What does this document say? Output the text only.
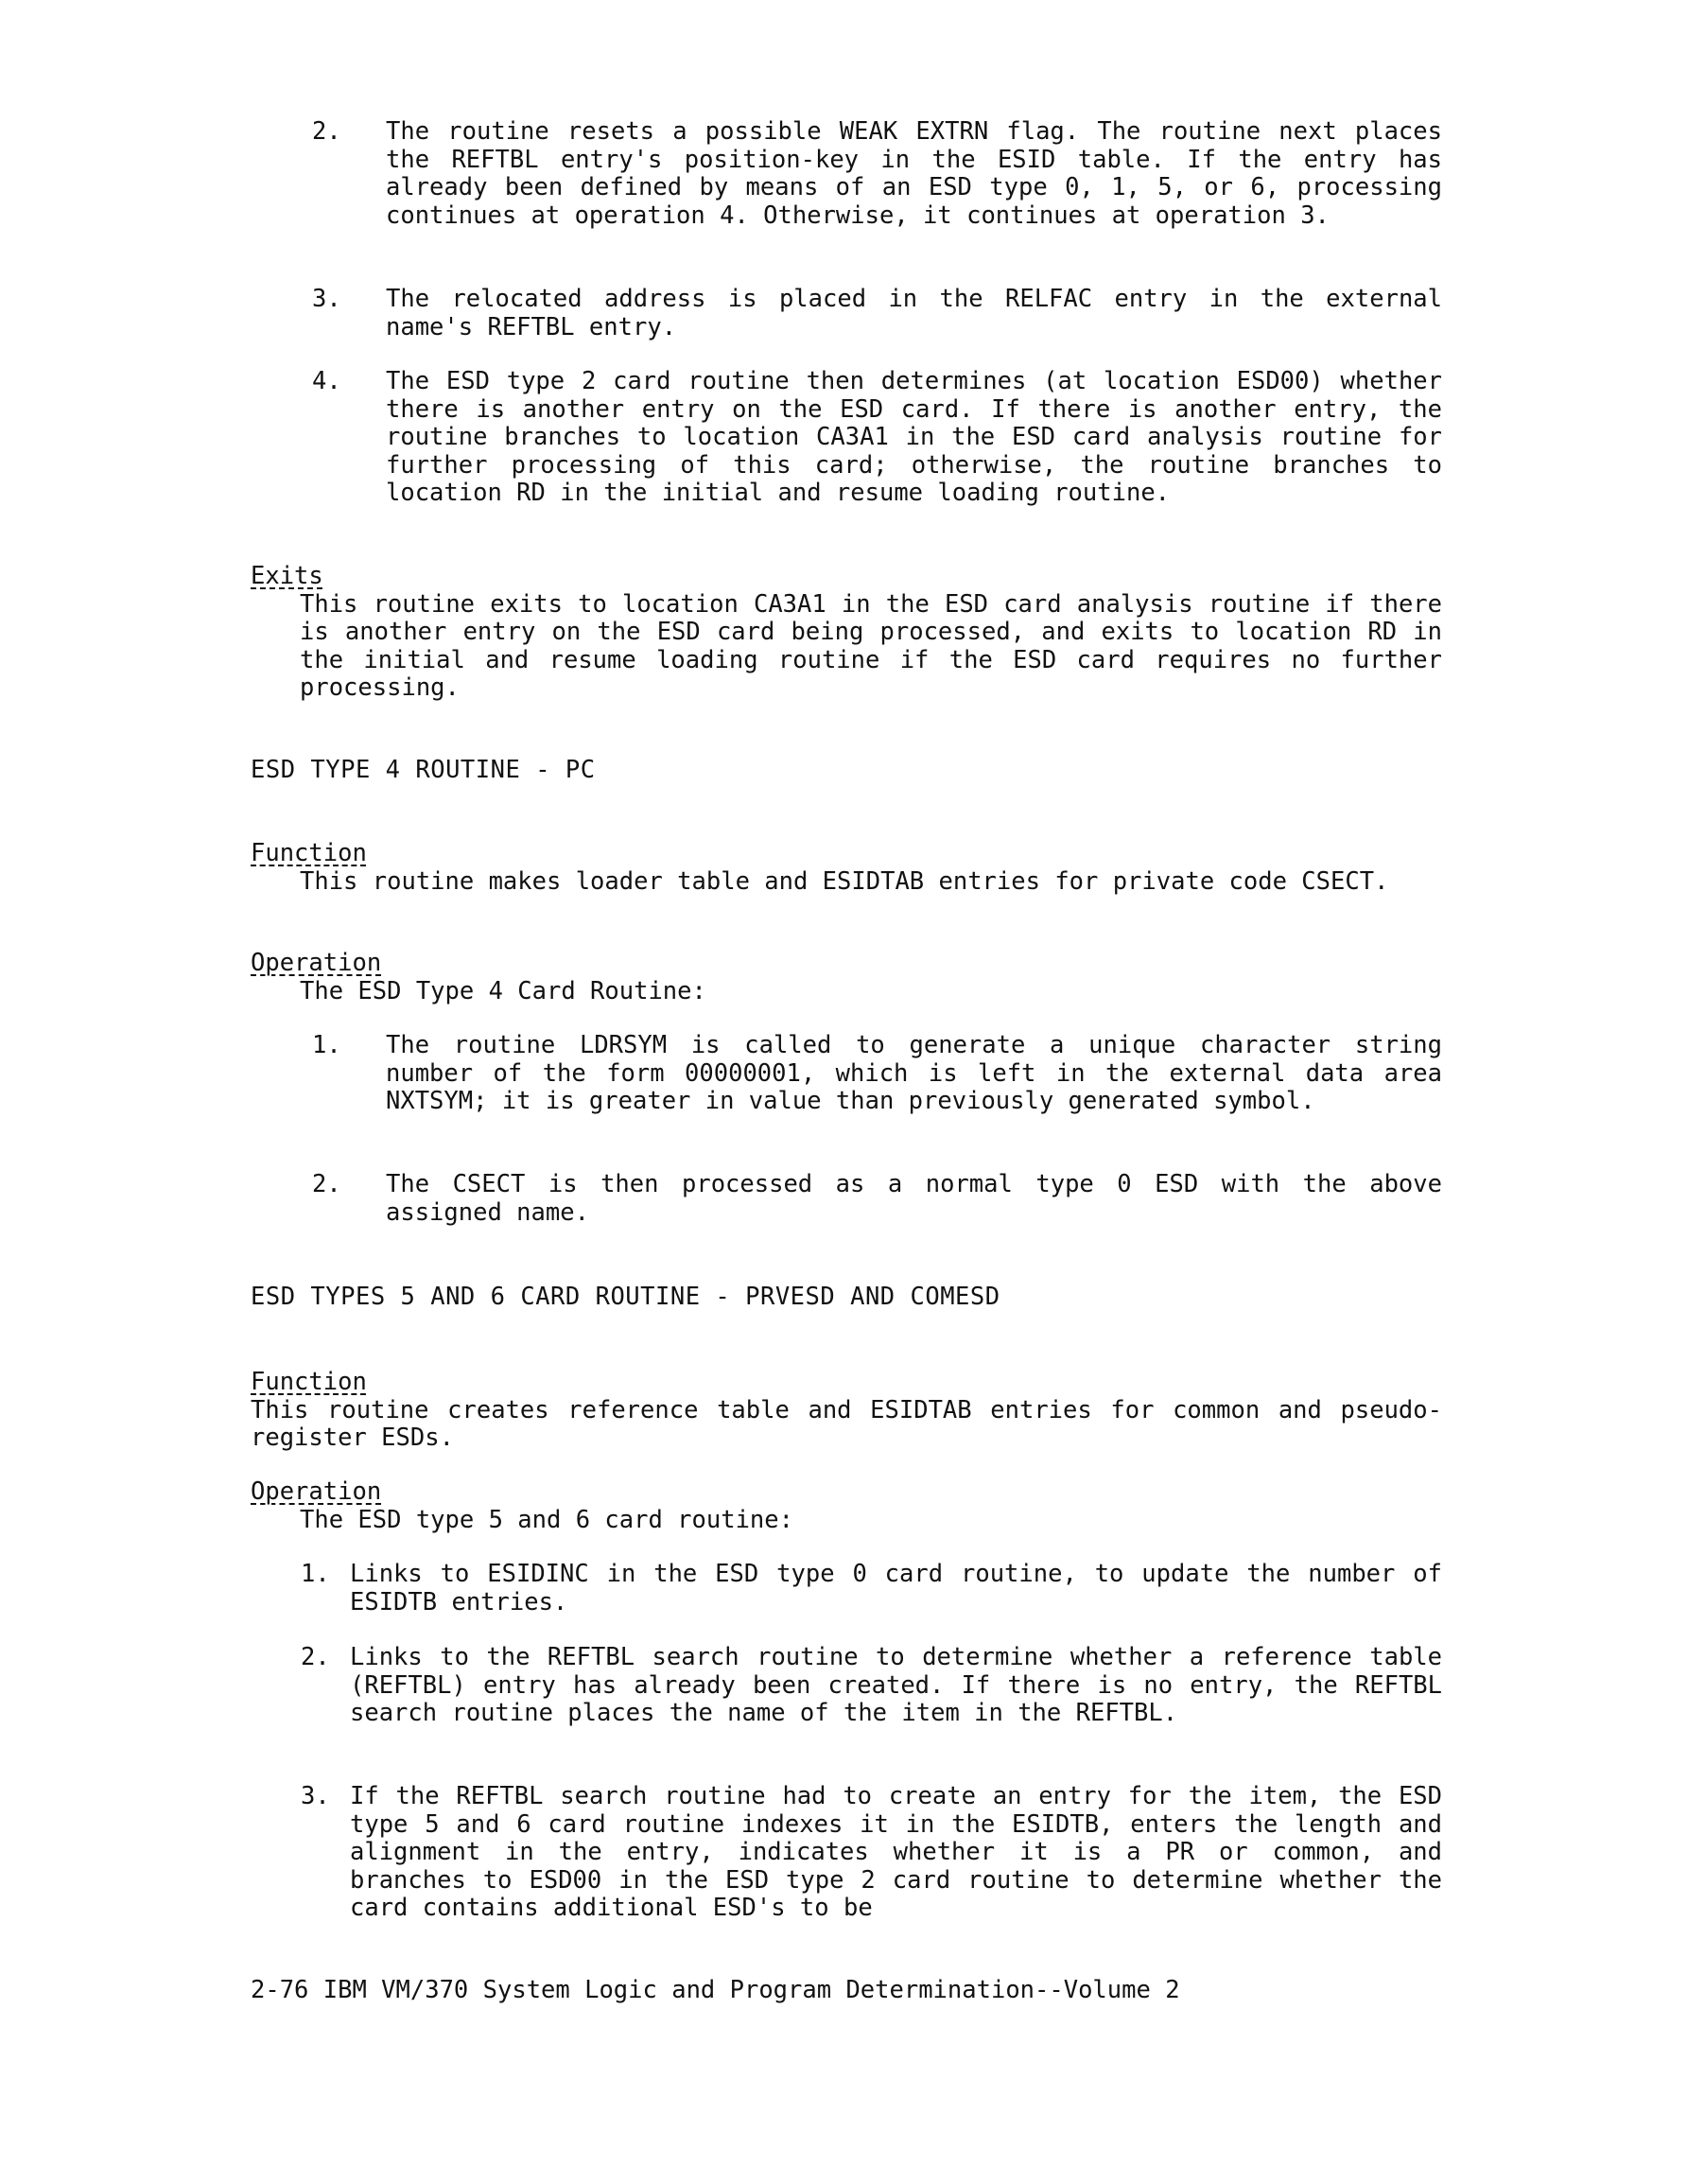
2. The routine resets a possible WEAK EXTRN flag. The routine next places the REFTBL entry's position-key in the ESID table. If the entry has already been defined by means of an ESD type 0, 1, 5, or 6, processing continues at operation 4. Otherwise, it continues at operation 3.
3. The relocated address is placed in the RELFAC entry in the external name's REFTBL entry.
4. The ESD type 2 card routine then determines (at location ESD00) whether there is another entry on the ESD card. If there is another entry, the routine branches to location CA3A1 in the ESD card analysis routine for further processing of this card; otherwise, the routine branches to location RD in the initial and resume loading routine.
Exits
This routine exits to location CA3A1 in the ESD card analysis routine if there is another entry on the ESD card being processed, and exits to location RD in the initial and resume loading routine if the ESD card requires no further processing.
ESD TYPE 4 ROUTINE - PC
Function
This routine makes loader table and ESIDTAB entries for private code CSECT.
Operation
The ESD Type 4 Card Routine:
1. The routine LDRSYM is called to generate a unique character string number of the form 00000001, which is left in the external data area NXTSYM; it is greater in value than previously generated symbol.
2. The CSECT is then processed as a normal type 0 ESD with the above assigned name.
ESD TYPES 5 AND 6 CARD ROUTINE - PRVESD AND COMESD
Function
This routine creates reference table and ESIDTAB entries for common and pseudo-register ESDs.
Operation
The ESD type 5 and 6 card routine:
1. Links to ESIDINC in the ESD type 0 card routine, to update the number of ESIDTB entries.
2. Links to the REFTBL search routine to determine whether a reference table (REFTBL) entry has already been created. If there is no entry, the REFTBL search routine places the name of the item in the REFTBL.
3. If the REFTBL search routine had to create an entry for the item, the ESD type 5 and 6 card routine indexes it in the ESIDTB, enters the length and alignment in the entry, indicates whether it is a PR or common, and branches to ESD00 in the ESD type 2 card routine to determine whether the card contains additional ESD's to be
2-76 IBM VM/370 System Logic and Program Determination--Volume 2
